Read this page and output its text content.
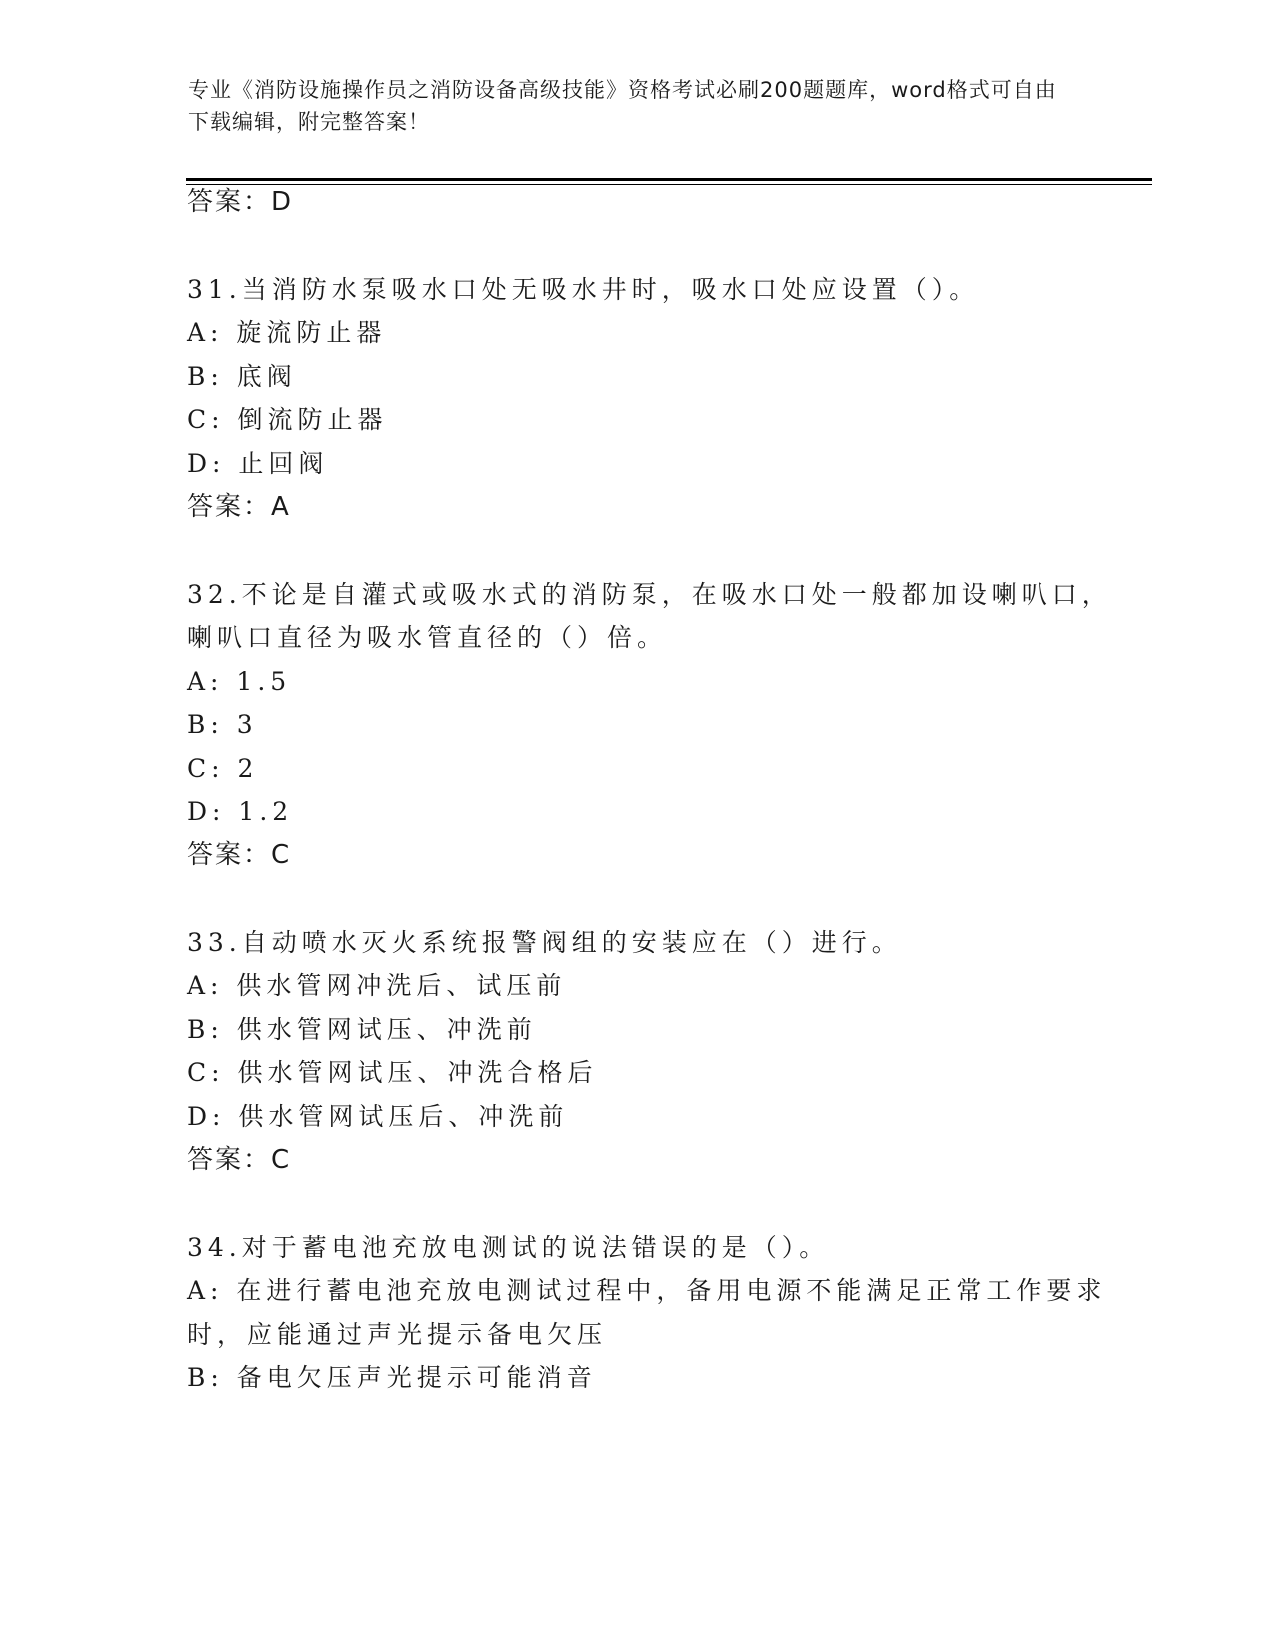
专业《消防设施操作员之消防设备高级技能》资格考试必刷200题题库，word格式可自由下载编辑，附完整答案！
答案：D
31.当消防水泵吸水口处无吸水井时，吸水口处应设置（）。
A: 旋流防止器
B: 底阀
C: 倒流防止器
D: 止回阀
答案：A
32.不论是自灌式或吸水式的消防泵，在吸水口处一般都加设喇叭口，
喇叭口直径为吸水管直径的（）倍。
A: 1.5
B: 3
C: 2
D: 1.2
答案：C
33.自动喷水灭火系统报警阀组的安装应在（）进行。
A: 供水管网冲洗后、试压前
B: 供水管网试压、冲洗前
C: 供水管网试压、冲洗合格后
D: 供水管网试压后、冲洗前
答案：C
34.对于蓄电池充放电测试的说法错误的是（）。
A: 在进行蓄电池充放电测试过程中，备用电源不能满足正常工作要求
时，应能通过声光提示备电欠压
B: 备电欠压声光提示可能消音
